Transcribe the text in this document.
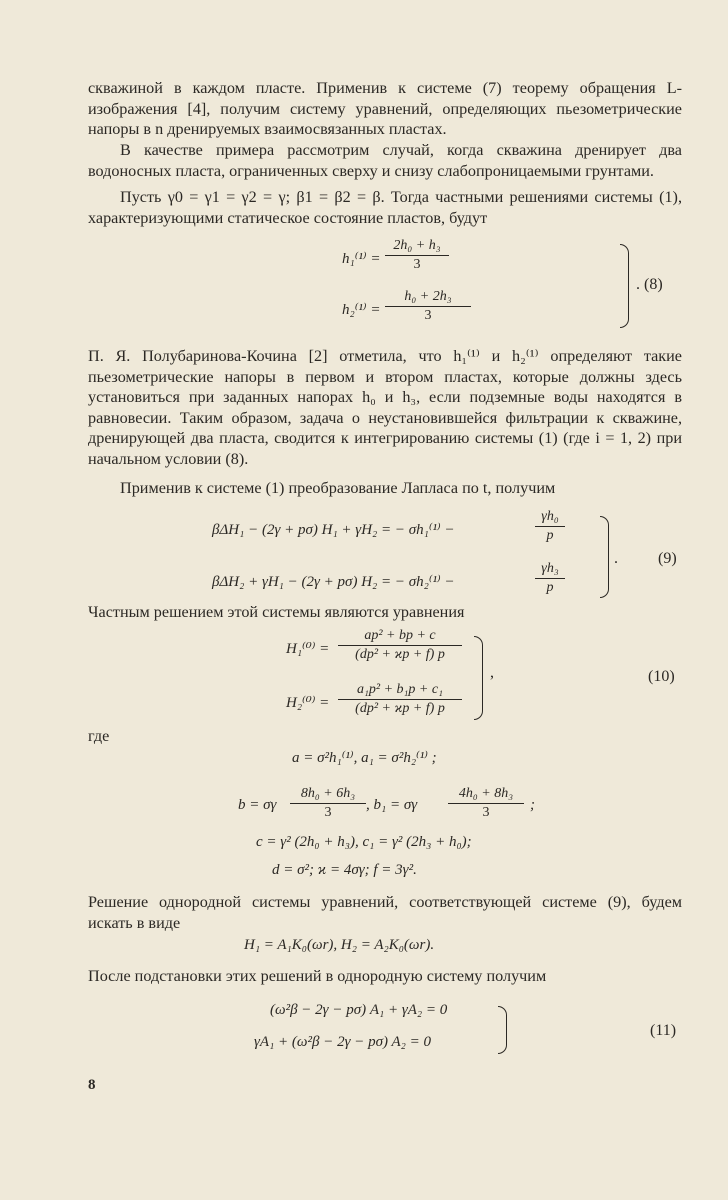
скважиной в каждом пласте. Применив к системе (7) теорему обращения L-изображения [4], получим систему уравнений, определяющих пьезометрические напоры в n дренируемых взаимосвязанных пластах.
В качестве примера рассмотрим случай, когда скважина дренирует два водоносных пласта, ограниченных сверху и снизу слабопроницаемыми грунтами.
Пусть γ0 = γ1 = γ2 = γ; β1 = β2 = β. Тогда частными решениями системы (1), характеризующими статическое состояние пластов, будут
h₁⁽¹⁾ =
2h₀ + h₃
3
h₂⁽¹⁾ =
h₀ + 2h₃
3
. (8)
П. Я. Полубаринова-Кочина [2] отметила, что h₁⁽¹⁾ и h₂⁽¹⁾ определяют такие пьезометрические напоры в первом и втором пластах, которые должны здесь установиться при заданных напорах h₀ и h₃, если подземные воды находятся в равновесии. Таким образом, задача о неустановившейся фильтрации к скважине, дренирующей два пласта, сводится к интегрированию системы (1) (где i = 1, 2) при начальном условии (8).
Применив к системе (1) преобразование Лапласа по t, получим
βΔH₁ − (2γ + pσ) H₁ + γH₂ = − σh₁⁽¹⁾ −
γh₀
p
βΔH₂ + γH₁ − (2γ + pσ) H₂ = − σh₂⁽¹⁾ −
γh₃
p
.          (9)
Частным решением этой системы являются уравнения
H₁⁽⁰⁾ =
ap² + bp + c
(dp² + ϰp + f) p
H₂⁽⁰⁾ =
a₁p² + b₁p + c₁
(dp² + ϰp + f) p
,	(10)
где
a = σ²h₁⁽¹⁾, a₁ = σ²h₂⁽¹⁾ ;
b = σγ
8h₀ + 6h₃
3	, b₁ = σγ
4h₀ + 8h₃
3	;
c = γ² (2h₀ + h₃), c₁ = γ² (2h₃ + h₀);
d = σ²; ϰ = 4σγ; f = 3γ².
Решение однородной системы уравнений, соответствующей системе (9), будем искать в виде
H₁ = A₁K₀(ωr), H₂ = A₂K₀(ωr).
После подстановки этих решений в однородную систему получим
(ω²β − 2γ − pσ) A₁ + γA₂ = 0
γA₁ + (ω²β − 2γ − pσ) A₂ = 0
(11)
8
